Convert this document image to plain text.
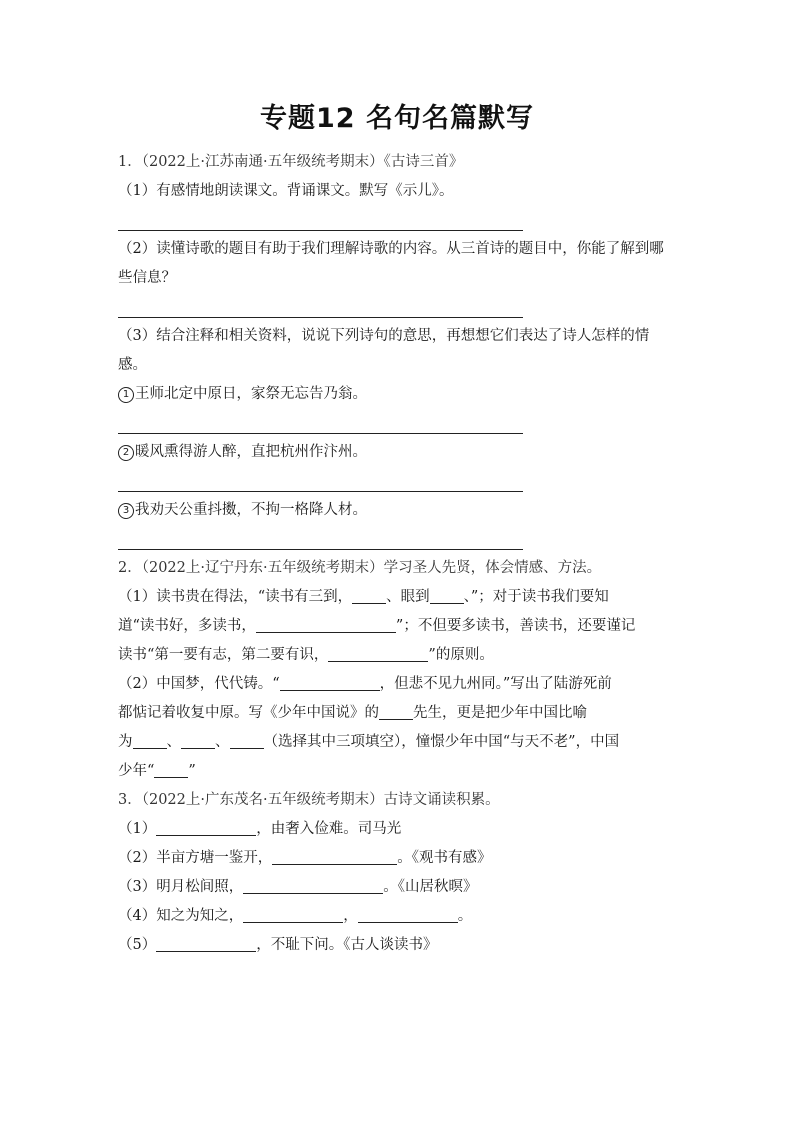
专题12 名句名篇默写
1．（2022上·江苏南通·五年级统考期末）《古诗三首》
（1）有感情地朗读课文。背诵课文。默写《示儿》。
（2）读懂诗歌的题目有助于我们理解诗歌的内容。从三首诗的题目中，你能了解到哪些信息？
（3）结合注释和相关资料，说说下列诗句的意思，再想想它们表达了诗人怎样的情感。
1 王师北定中原日，家祭无忘告乃翁。
2 暖风熏得游人醉，直把杭州作汴州。
3 我劝天公重抖擞，不拘一格降人材。
2．（2022上·辽宁丹东·五年级统考期末）学习圣人先贤，体会情感、方法。
（1）读书贵在得法，“读书有三到， 、眼到 、”；对于读书我们要知
道“读书好，多读书，	”；不但要多读书，善读书，还要谨记
读书“第一要有志，第二要有识，	”的原则。
（2）中国梦，代代铸。“	，但悲不见九州同。”写出了陆游死前
都惦记着收复中原。写《少年中国说》的 先生，更是把少年中国比喻
为 、 、 （选择其中三项填空），憧憬少年中国“与天不老”，中国
少年“ ”
3．（2022上·广东茂名·五年级统考期末）古诗文诵读积累。
（1）	，由奢入俭难。司马光
（2）半亩方塘一鉴开，	。《观书有感》
（3）明月松间照，	。《山居秋暝》
（4）知之为知之，	，	。
（5）	，不耻下问。《古人谈读书》
